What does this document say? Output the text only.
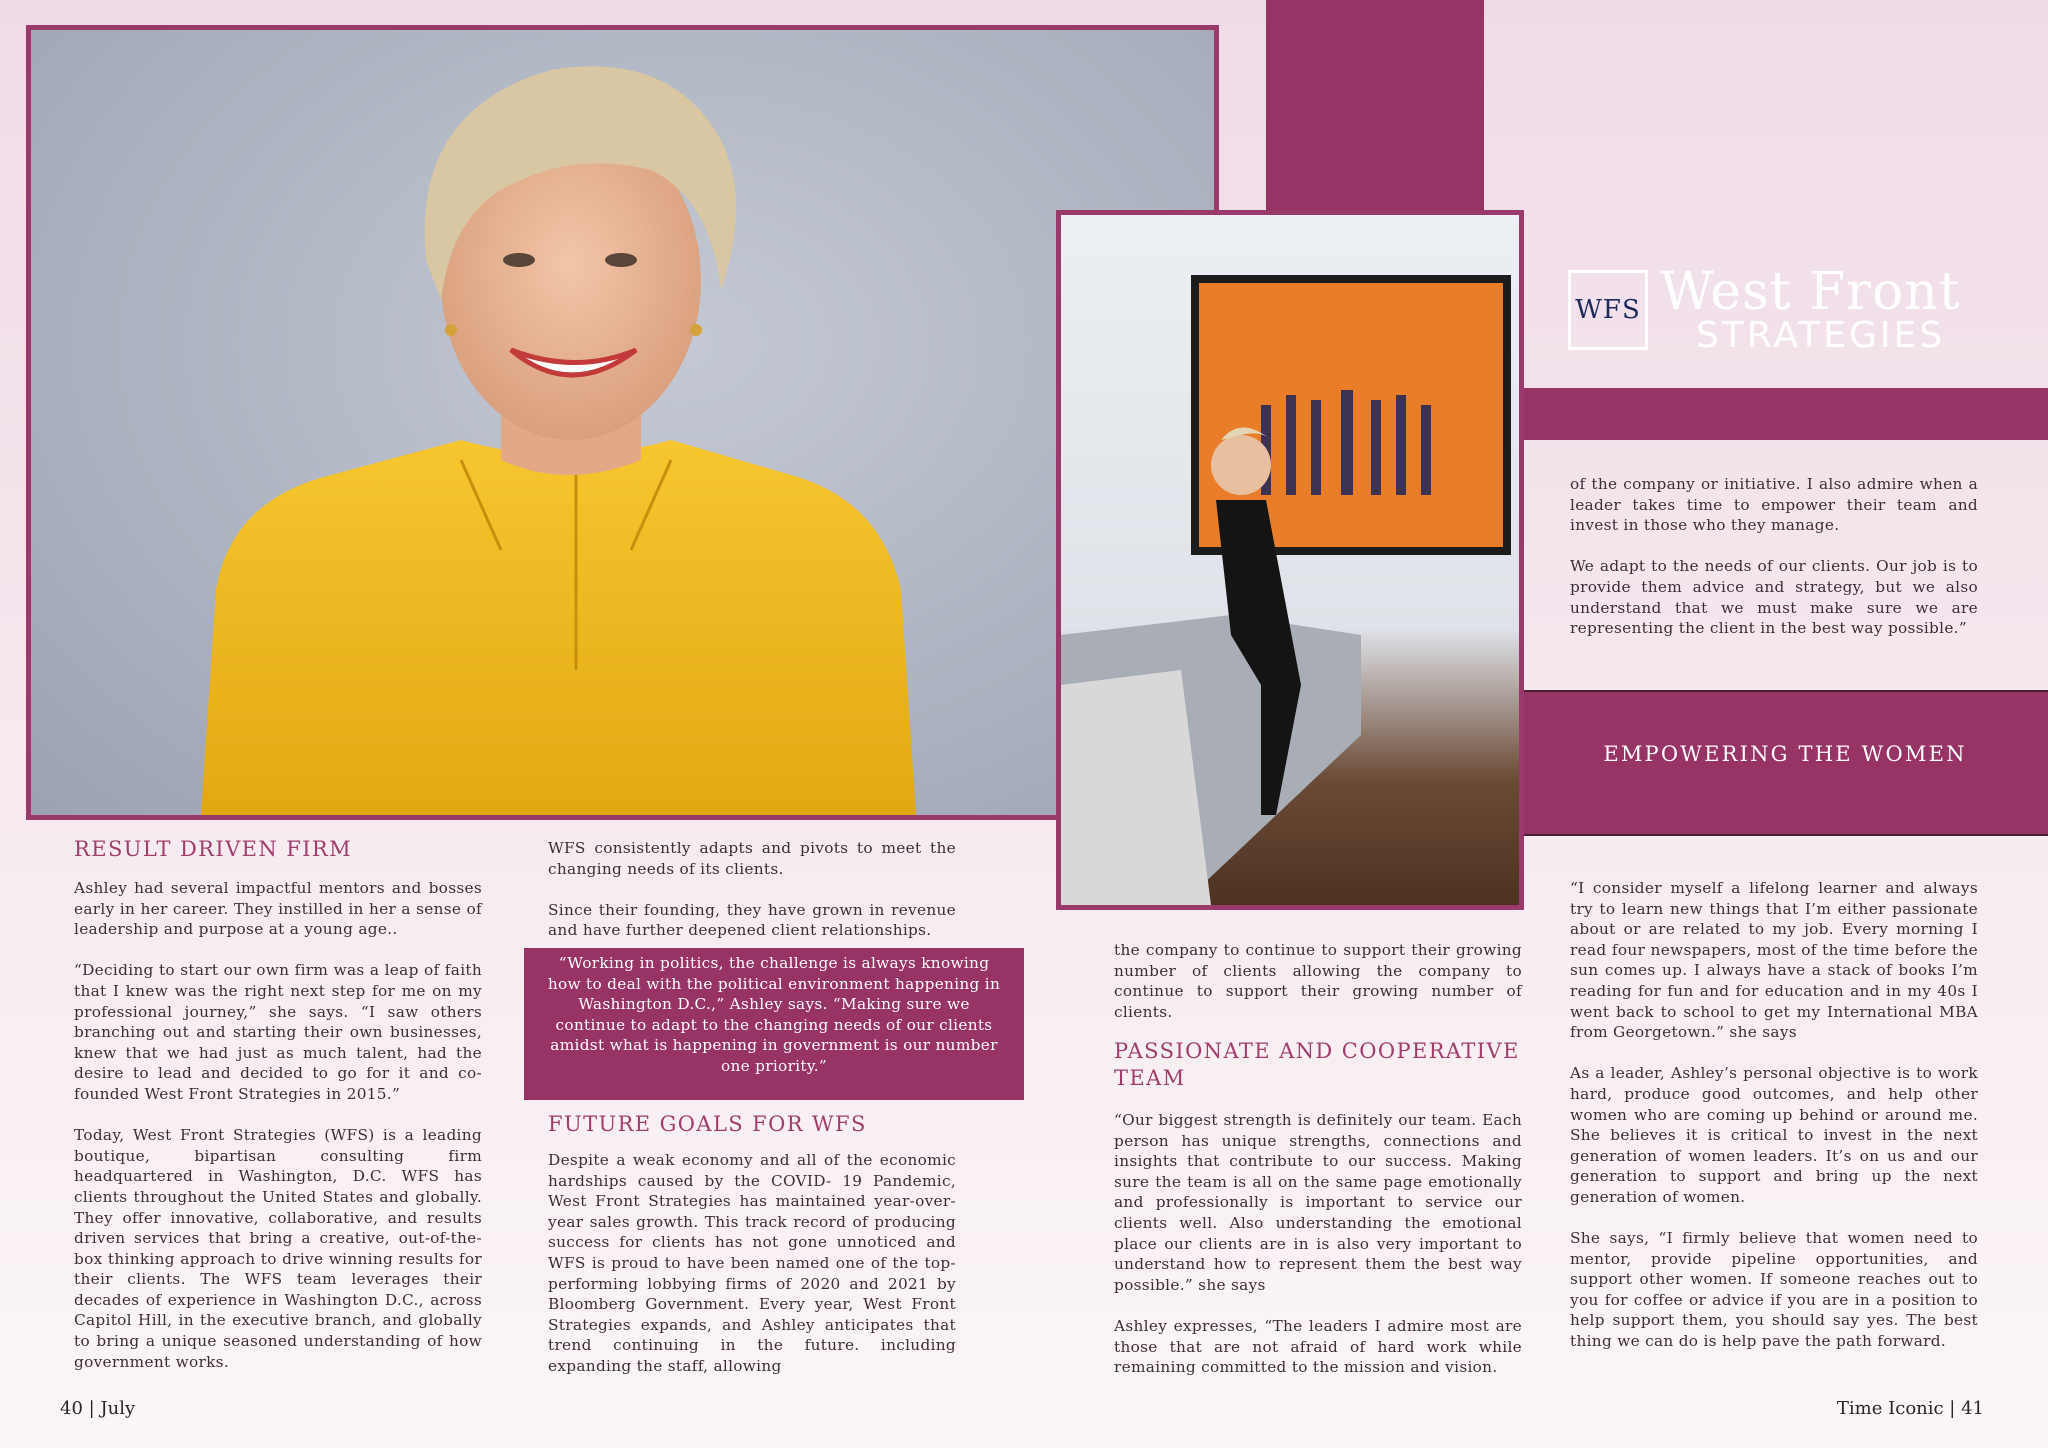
WFS West Front
STRATEGIES
EMPOWERING THE WOMEN
RESULT DRIVEN FIRM

Ashley had several impactful mentors and bosses early in her career. They instilled in her a sense of leadership and purpose at a young age..

“Deciding to start our own firm was a leap of faith that I knew was the right next step for me on my professional journey,” she says. “I saw others branching out and starting their own businesses, knew that we had just as much talent, had the desire to lead and decided to go for it and co-founded West Front Strategies in 2015.”

Today, West Front Strategies (WFS) is a leading boutique, bipartisan consulting firm headquartered in Washington, D.C. WFS has clients throughout the United States and globally. They offer innovative, collaborative, and results driven services that bring a creative, out-of-the-box thinking approach to drive winning results for their clients. The WFS team leverages their decades of experience in Washington D.C., across Capitol Hill, in the executive branch, and globally to bring a unique seasoned understanding of how government works.

WFS consistently adapts and pivots to meet the changing needs of its clients.

Since their founding, they have grown in revenue and have further deepened client relationships.

“Working in politics, the challenge is always knowing how to deal with the political environment happening in Washington D.C.,” Ashley says. “Making sure we continue to adapt to the changing needs of our clients amidst what is happening in government is our number one priority.”
FUTURE GOALS FOR WFS

Despite a weak economy and all of the economic hardships caused by the COVID- 19 Pandemic, West Front Strategies has maintained year-over-year sales growth. This track record of producing success for clients has not gone unnoticed and WFS is proud to have been named one of the top- performing lobbying firms of 2020 and 2021 by Bloomberg Government. Every year, West Front Strategies expands, and Ashley anticipates that trend continuing in the future. including expanding the staff, allowing

the company to continue to support their growing number of clients allowing the company to continue to support their growing number of clients.

PASSIONATE AND COOPERATIVE TEAM

“Our biggest strength is definitely our team. Each person has unique strengths, connections and insights that contribute to our success. Making sure the team is all on the same page emotionally and professionally is important to service our clients well. Also understanding the emotional place our clients are in is also very important to understand how to represent them the best way possible.” she says

Ashley expresses, “The leaders I admire most are those that are not afraid of hard work while remaining committed to the mission and vision.

of the company or initiative. I also admire when a leader takes time to empower their team and invest in those who they manage.

We adapt to the needs of our clients. Our job is to provide them advice and strategy, but we also understand that we must make sure we are representing the client in the best way possible.”

“I consider myself a lifelong learner and always try to learn new things that I’m either passionate about or are related to my job. Every morning I read four newspapers, most of the time before the sun comes up. I always have a stack of books I’m reading for fun and for education and in my 40s I went back to school to get my International MBA from Georgetown.” she says

As a leader, Ashley’s personal objective is to work hard, produce good outcomes, and help other women who are coming up behind or around me. She believes it is critical to invest in the next generation of women leaders. It’s on us and our generation to support and bring up the next generation of women.

She says, “I firmly believe that women need to mentor, provide pipeline opportunities, and support other women. If someone reaches out to you for coffee or advice if you are in a position to help support them, you should say yes. The best thing we can do is help pave the path forward.

40 | July	Time Iconic | 41
